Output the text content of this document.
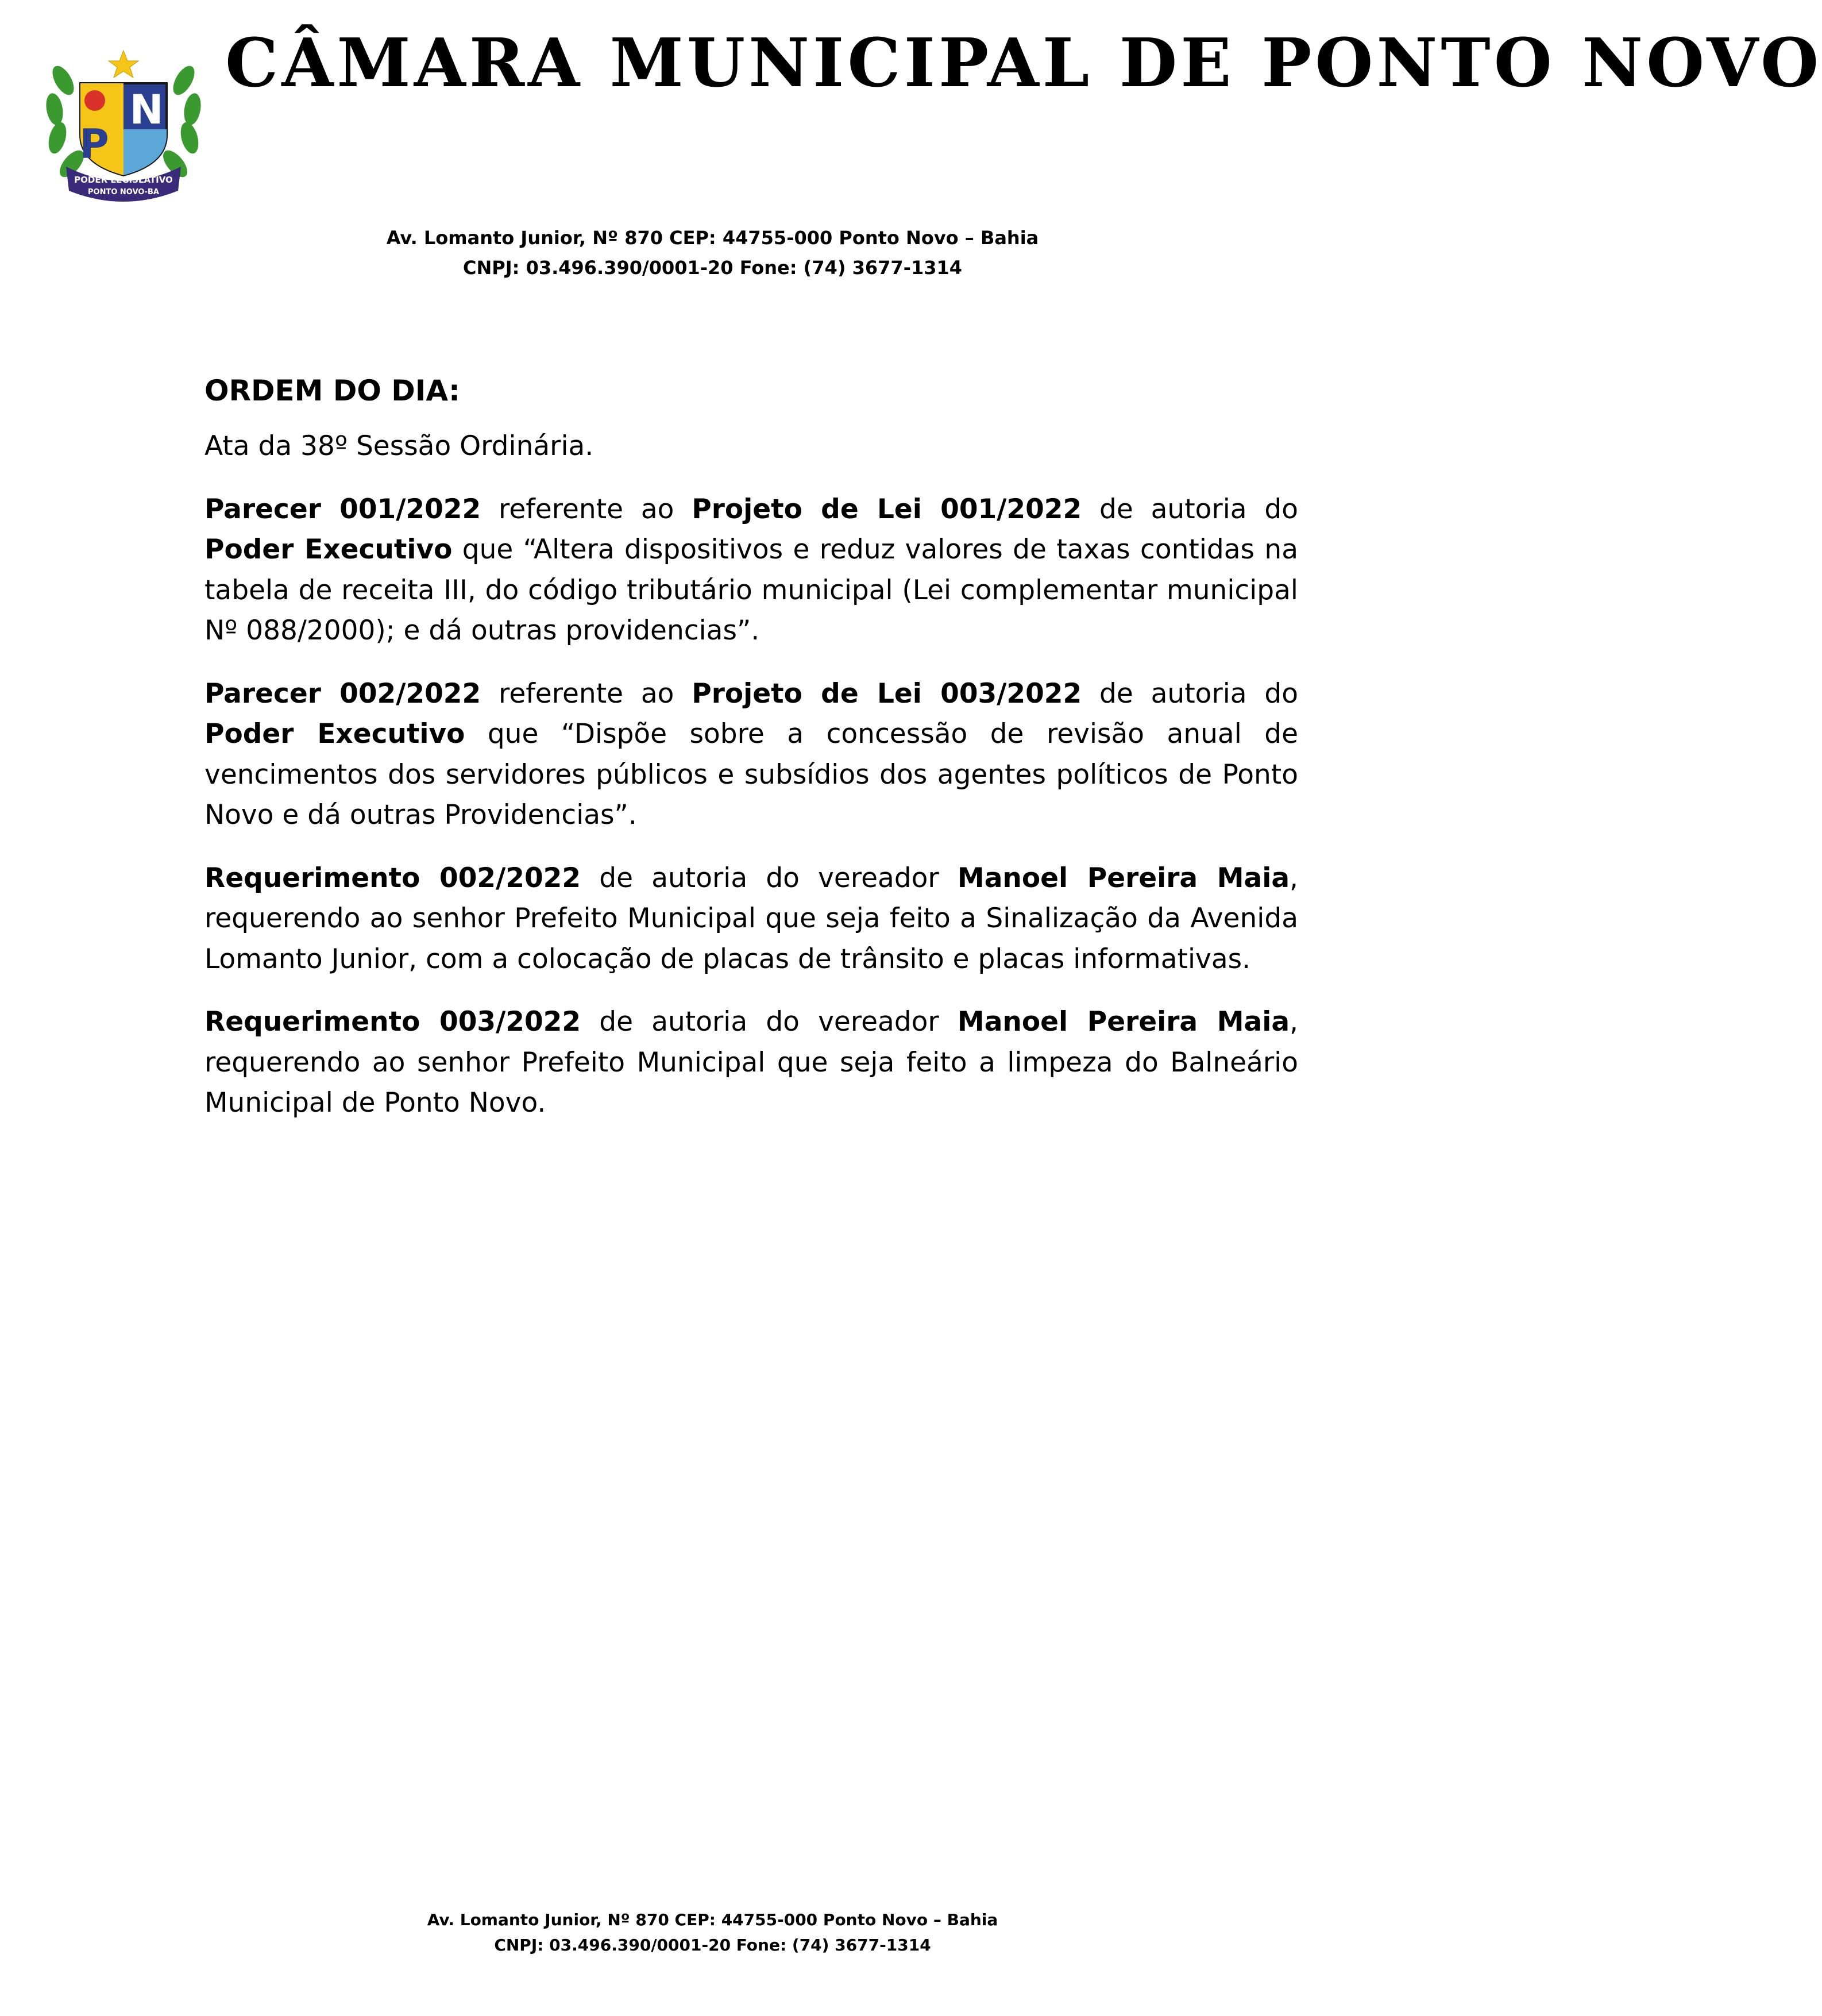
P
N
PODER LEGISLATIVO
PONTO NOVO-BA
CÂMARA MUNICIPAL DE PONTO NOVO
Av. Lomanto Junior, Nº 870 CEP: 44755-000 Ponto Novo – Bahia
CNPJ: 03.496.390/0001-20 Fone: (74) 3677-1314
ORDEM DO DIA:

Ata da 38º Sessão Ordinária.

Parecer 001/2022 referente ao Projeto de Lei 001/2022 de autoria do Poder Executivo que “Altera dispositivos e reduz valores de taxas contidas na tabela de receita III, do código tributário municipal (Lei complementar municipal Nº 088/2000); e dá outras providencias”.

Parecer 002/2022 referente ao Projeto de Lei 003/2022 de autoria do Poder Executivo que “Dispõe sobre a concessão de revisão anual de vencimentos dos servidores públicos e subsídios dos agentes políticos de Ponto Novo e dá outras Providencias”.

Requerimento 002/2022 de autoria do vereador Manoel Pereira Maia, requerendo ao senhor Prefeito Municipal que seja feito a Sinalização da Avenida Lomanto Junior, com a colocação de placas de trânsito e placas informativas.

Requerimento 003/2022 de autoria do vereador Manoel Pereira Maia, requerendo ao senhor Prefeito Municipal que seja feito a limpeza do Balneário Municipal de Ponto Novo.

Av. Lomanto Junior, Nº 870 CEP: 44755-000 Ponto Novo – Bahia
CNPJ: 03.496.390/0001-20 Fone: (74) 3677-1314
